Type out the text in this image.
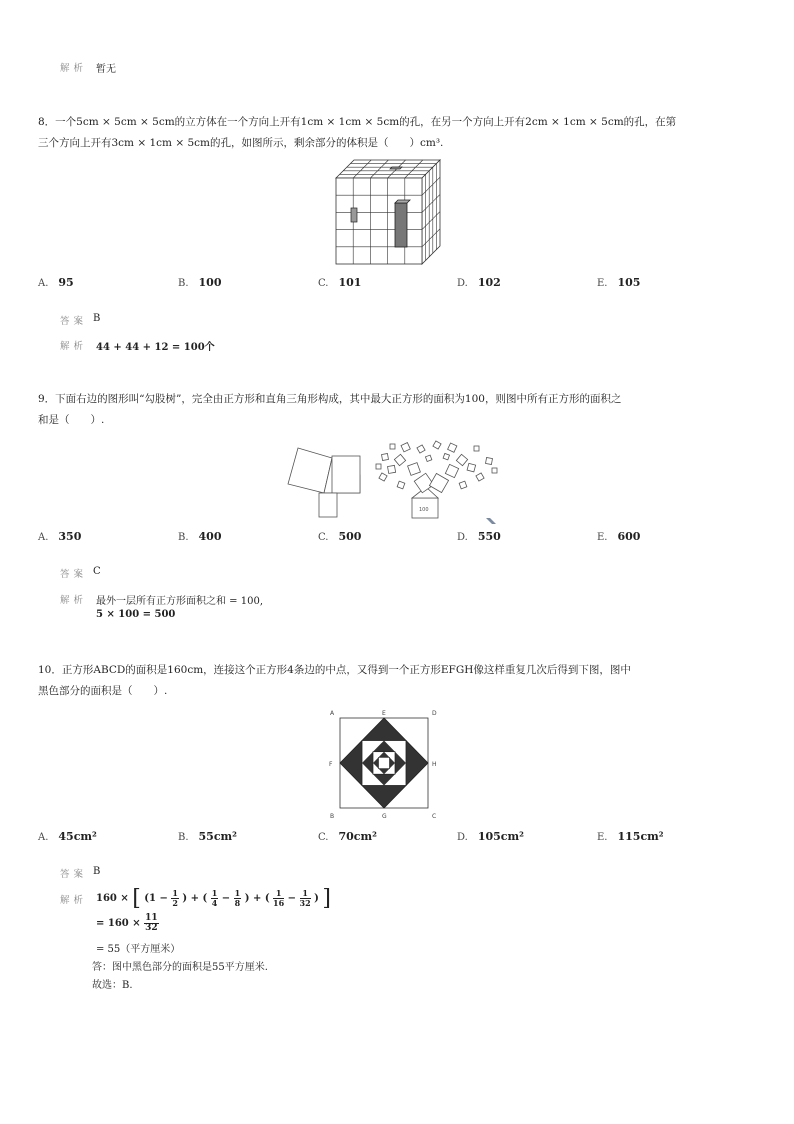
解析 暂无
8．一个5cm × 5cm × 5cm的立方体在一个方向上开有1cm × 1cm × 5cm的孔，在另一个方向上开有2cm × 1cm × 5cm的孔，在第
三个方向上开有3cm × 1cm × 5cm的孔，如图所示，剩余部分的体积是（　　）cm³.
A. 95	B. 100	C. 101	D. 102	E. 105
答案 B
解析 44 + 44 + 12 = 100个
9．下面右边的图形叫“勾股树”，完全由正方形和直角三角形构成，其中最大正方形的面积为100，则图中所有正方形的面积之
和是（　　）.
100
A. 350	B. 400	C. 500	D. 550	E. 600
答案 C
解析 最外一层所有正方形面积之和 = 100,
5 × 100 = 500
10．正方形ABCD的面积是160cm，连接这个正方形4条边的中点，又得到一个正方形EFGH像这样重复几次后得到下图，图中
黑色部分的面积是（　　）.
A	E	D
F	H
B	G	C
A. 45cm²	B. 55cm²	C. 70cm²	D. 105cm²	E. 115cm²
答案 B
解析 160 × [ ($1 - \frac{1}{2}$ ) + ( $\frac{1}{4} - \frac{1}{8}$ ) + ( $\frac{1}{16} - \frac{1}{32}$ ) ]
= $160 \times \frac{11}{32}$
= 55（平方厘米）
答：图中黑色部分的面积是55平方厘米.
故选：B.
